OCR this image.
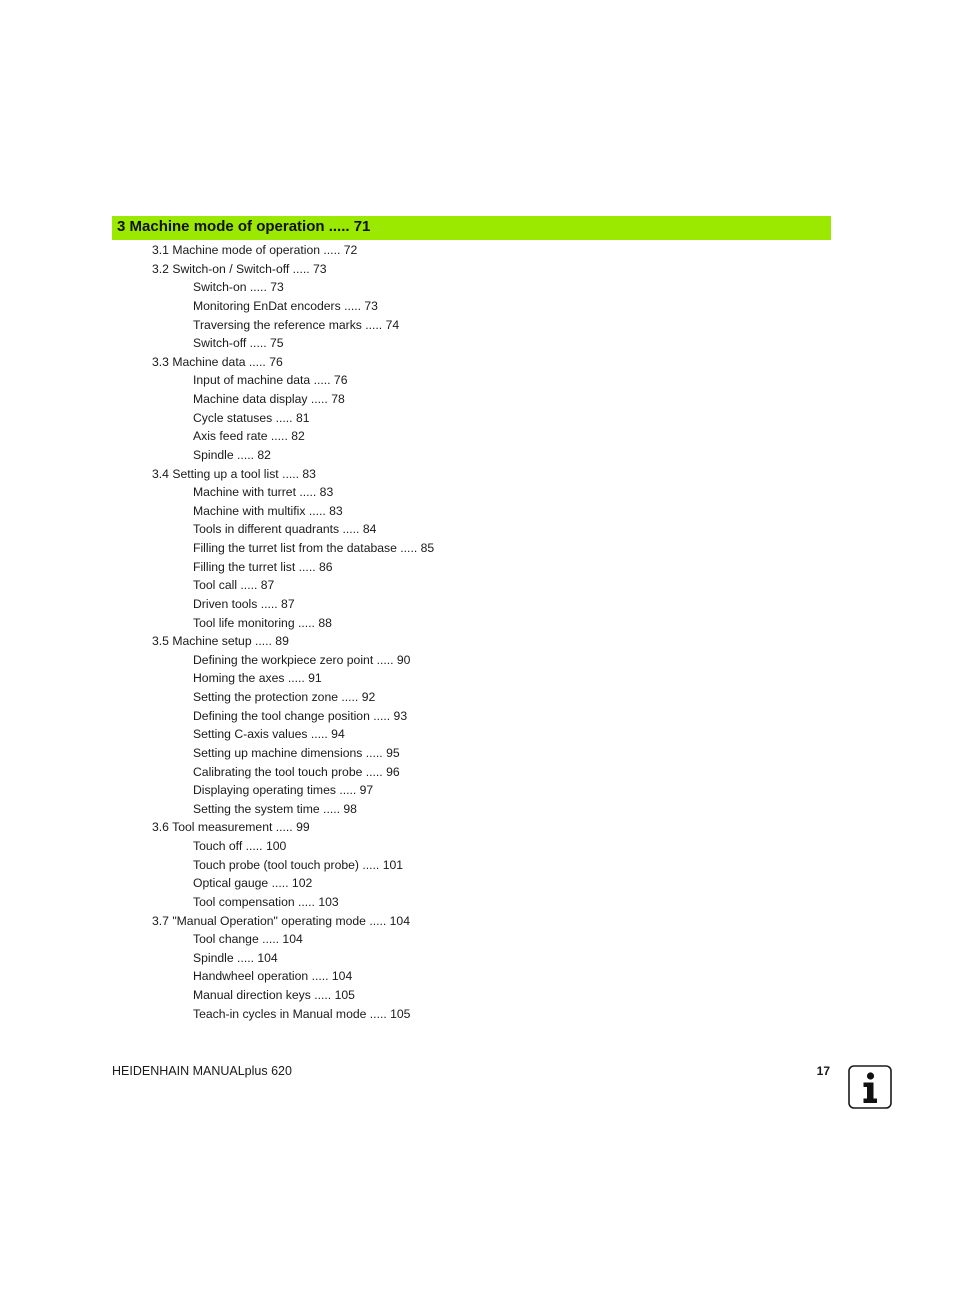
3 Machine mode of operation ..... 71
3.1 Machine mode of operation ..... 72
3.2 Switch-on / Switch-off ..... 73
Switch-on ..... 73
Monitoring EnDat encoders ..... 73
Traversing the reference marks ..... 74
Switch-off ..... 75
3.3 Machine data ..... 76
Input of machine data ..... 76
Machine data display ..... 78
Cycle statuses ..... 81
Axis feed rate ..... 82
Spindle ..... 82
3.4 Setting up a tool list ..... 83
Machine with turret ..... 83
Machine with multifix ..... 83
Tools in different quadrants ..... 84
Filling the turret list from the database ..... 85
Filling the turret list ..... 86
Tool call ..... 87
Driven tools ..... 87
Tool life monitoring ..... 88
3.5 Machine setup ..... 89
Defining the workpiece zero point ..... 90
Homing the axes ..... 91
Setting the protection zone ..... 92
Defining the tool change position ..... 93
Setting C-axis values ..... 94
Setting up machine dimensions ..... 95
Calibrating the tool touch probe ..... 96
Displaying operating times ..... 97
Setting the system time ..... 98
3.6 Tool measurement ..... 99
Touch off ..... 100
Touch probe (tool touch probe) ..... 101
Optical gauge ..... 102
Tool compensation ..... 103
3.7 "Manual Operation" operating mode ..... 104
Tool change ..... 104
Spindle ..... 104
Handwheel operation ..... 104
Manual direction keys ..... 105
Teach-in cycles in Manual mode ..... 105
HEIDENHAIN MANUALplus 620	17
